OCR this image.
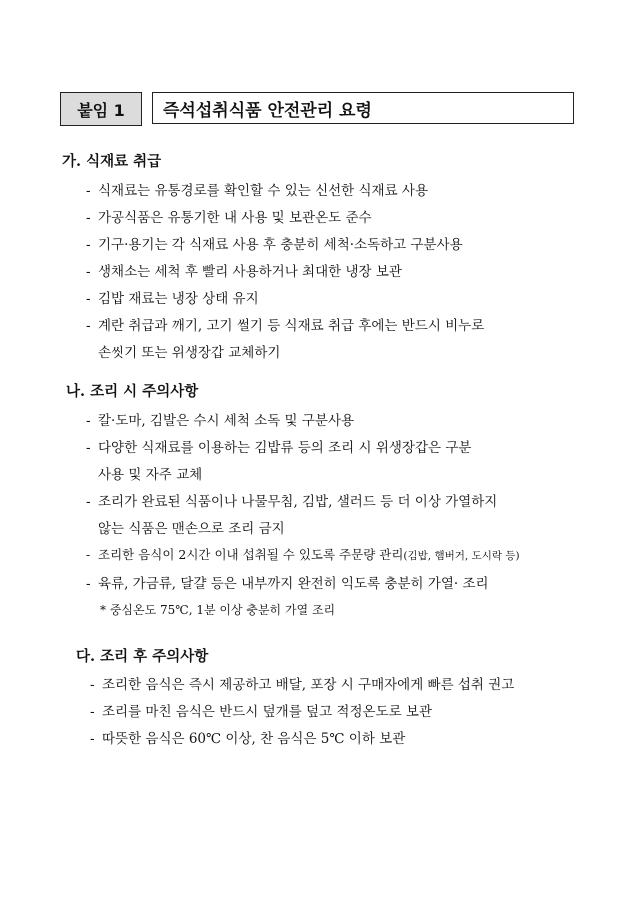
붙임 1	즉석섭취식품 안전관리 요령
가. 식재료 취급
- 식재료는 유통경로를 확인할 수 있는 신선한 식재료 사용
- 가공식품은 유통기한 내 사용 및 보관온도 준수
- 기구·용기는 각 식재료 사용 후 충분히 세척·소독하고 구분사용
- 생채소는 세척 후 빨리 사용하거나 최대한 냉장 보관
- 김밥 재료는 냉장 상태 유지
- 계란 취급과 깨기, 고기 썰기 등 식재료 취급 후에는 반드시 비누로
손씻기 또는 위생장갑 교체하기
나. 조리 시 주의사항
- 칼·도마, 김발은 수시 세척 소독 및 구분사용
- 다양한 식재료를 이용하는 김밥류 등의 조리 시 위생장갑은 구분
사용 및 자주 교체
- 조리가 완료된 식품이나 나물무침, 김밥, 샐러드 등 더 이상 가열하지
않는 식품은 맨손으로 조리 금지
- 조리한 음식이 2시간 이내 섭취될 수 있도록 주문량 관리(김밥, 햄버거, 도시락 등)
- 육류, 가금류, 달걀 등은 내부까지 완전히 익도록 충분히 가열· 조리
* 중심온도 75℃, 1분 이상 충분히 가열 조리
다. 조리 후 주의사항
- 조리한 음식은 즉시 제공하고 배달, 포장 시 구매자에게 빠른 섭취 권고
- 조리를 마친 음식은 반드시 덮개를 덮고 적정온도로 보관
- 따뜻한 음식은 60℃ 이상, 찬 음식은 5℃ 이하 보관
